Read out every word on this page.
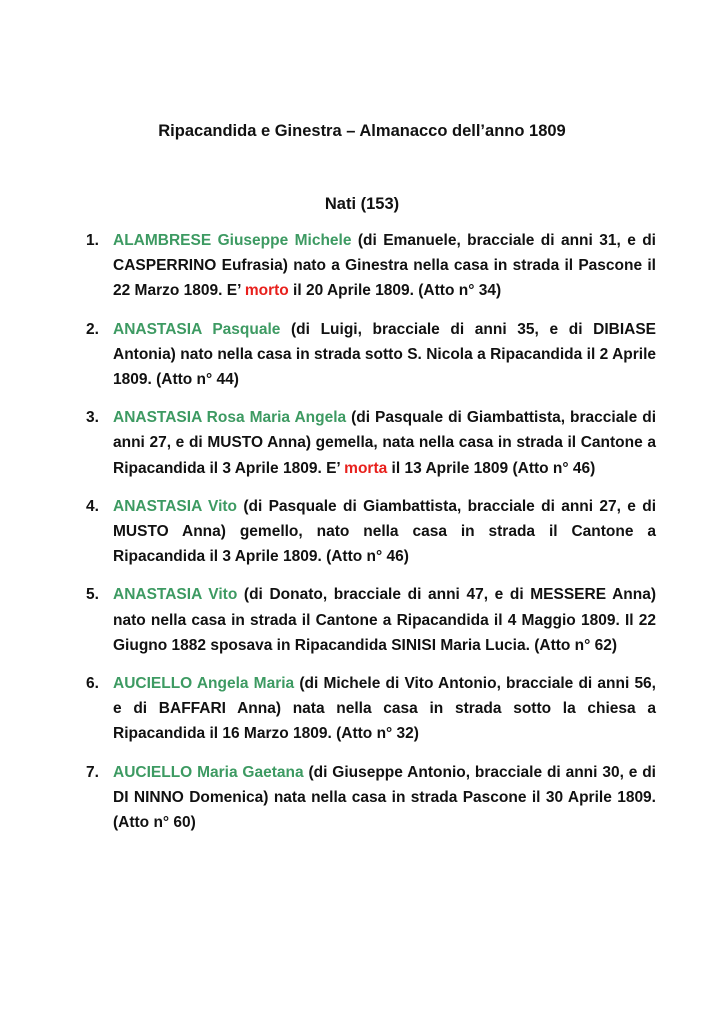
Ripacandida e Ginestra – Almanacco dell’anno 1809
Nati (153)
1. ALAMBRESE Giuseppe Michele (di Emanuele, bracciale di anni 31, e di CASPERRINO Eufrasia) nato a Ginestra nella casa in strada il Pascone il 22 Marzo 1809. E’ morto il 20 Aprile 1809. (Atto n° 34)
2. ANASTASIA Pasquale (di Luigi, bracciale di anni 35, e di DIBIASE Antonia) nato nella casa in strada sotto S. Nicola a Ripacandida il 2 Aprile 1809. (Atto n° 44)
3. ANASTASIA Rosa Maria Angela (di Pasquale di Giambattista, bracciale di anni 27, e di MUSTO Anna) gemella, nata nella casa in strada il Cantone a Ripacandida il 3 Aprile 1809. E’ morta il 13 Aprile 1809 (Atto n° 46)
4. ANASTASIA Vito (di Pasquale di Giambattista, bracciale di anni 27, e di MUSTO Anna) gemello, nato nella casa in strada il Cantone a Ripacandida il 3 Aprile 1809. (Atto n° 46)
5. ANASTASIA Vito (di Donato, bracciale di anni 47, e di MESSERE Anna) nato nella casa in strada il Cantone a Ripacandida il 4 Maggio 1809. Il 22 Giugno 1882 sposava in Ripacandida SINISI Maria Lucia. (Atto n° 62)
6. AUCIELLO Angela Maria (di Michele di Vito Antonio, bracciale di anni 56, e di BAFFARI Anna) nata nella casa in strada sotto la chiesa a Ripacandida il 16 Marzo 1809. (Atto n° 32)
7. AUCIELLO Maria Gaetana (di Giuseppe Antonio, bracciale di anni 30, e di DI NINNO Domenica) nata nella casa in strada Pascone il 30 Aprile 1809. (Atto n° 60)
